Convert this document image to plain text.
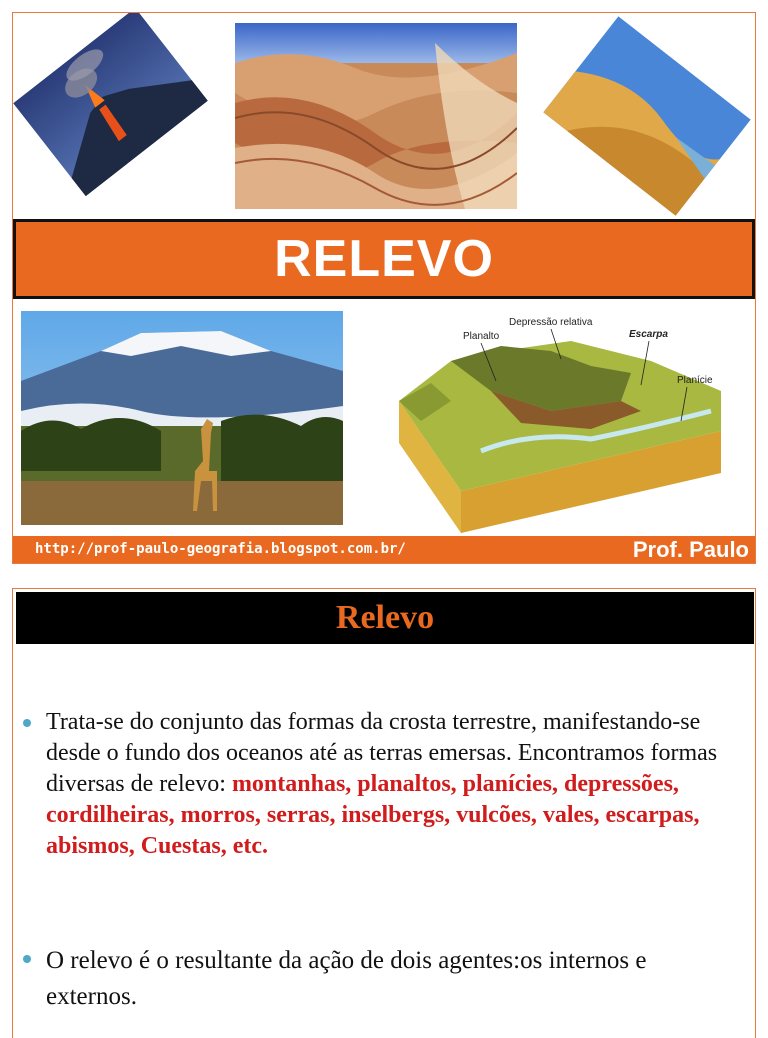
RELEVO
Planalto
Depressão relativa
Escarpa
Planície
http://prof-paulo-geografia.blogspot.com.br/	Prof. Paulo
Relevo
Trata-se do conjunto das formas da crosta terrestre, manifestando-se desde o fundo dos oceanos até as terras emersas. Encontramos formas diversas de relevo: montanhas, planaltos, planícies, depressões, cordilheiras, morros, serras, inselbergs, vulcões, vales, escarpas, abismos, Cuestas, etc.
O relevo é o resultante da ação de dois agentes:os internos e externos.
